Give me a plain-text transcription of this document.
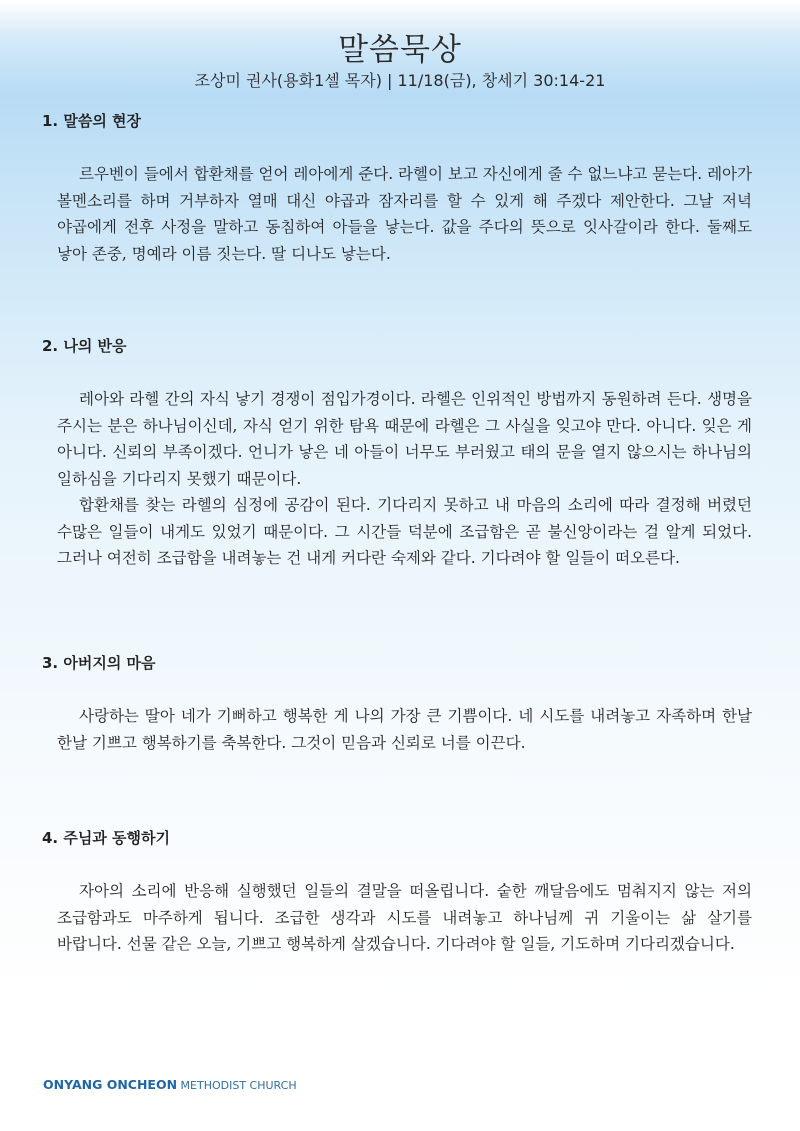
말씀묵상
조상미 권사(용화1셀 목자) | 11/18(금), 창세기 30:14-21
1. 말씀의 현장

르우벤이 들에서 합환채를 얻어 레아에게 준다. 라헬이 보고 자신에게 줄 수 없느냐고 묻는다. 레아가 볼멘소리를 하며 거부하자 열매 대신 야곱과 잠자리를 할 수 있게 해 주겠다 제안한다. 그날 저녁 야곱에게 전후 사정을 말하고 동침하여 아들을 낳는다. 값을 주다의 뜻으로 잇사갈이라 한다. 둘째도 낳아 존중, 명예라 이름 짓는다. 딸 디나도 낳는다.

2. 나의 반응

레아와 라헬 간의 자식 낳기 경쟁이 점입가경이다. 라헬은 인위적인 방법까지 동원하려 든다. 생명을 주시는 분은 하나님이신데, 자식 얻기 위한 탐욕 때문에 라헬은 그 사실을 잊고야 만다. 아니다. 잊은 게 아니다. 신뢰의 부족이겠다. 언니가 낳은 네 아들이 너무도 부러웠고 태의 문을 열지 않으시는 하나님의 일하심을 기다리지 못했기 때문이다.

합환채를 찾는 라헬의 심정에 공감이 된다. 기다리지 못하고 내 마음의 소리에 따라 결정해 버렸던 수많은 일들이 내게도 있었기 때문이다. 그 시간들 덕분에 조급함은 곧 불신앙이라는 걸 알게 되었다. 그러나 여전히 조급함을 내려놓는 건 내게 커다란 숙제와 같다. 기다려야 할 일들이 떠오른다.

3. 아버지의 마음

사랑하는 딸아 네가 기뻐하고 행복한 게 나의 가장 큰 기쁨이다. 네 시도를 내려놓고 자족하며 한날 한날 기쁘고 행복하기를 축복한다. 그것이 믿음과 신뢰로 너를 이끈다.

4. 주님과 동행하기

자아의 소리에 반응해 실행했던 일들의 결말을 떠올립니다. 숱한 깨달음에도 멈춰지지 않는 저의 조급함과도 마주하게 됩니다. 조급한 생각과 시도를 내려놓고 하나님께 귀 기울이는 삶 살기를 바랍니다. 선물 같은 오늘, 기쁘고 행복하게 살겠습니다. 기다려야 할 일들, 기도하며 기다리겠습니다.

ONYANG ONCHEON METHODIST CHURCH
